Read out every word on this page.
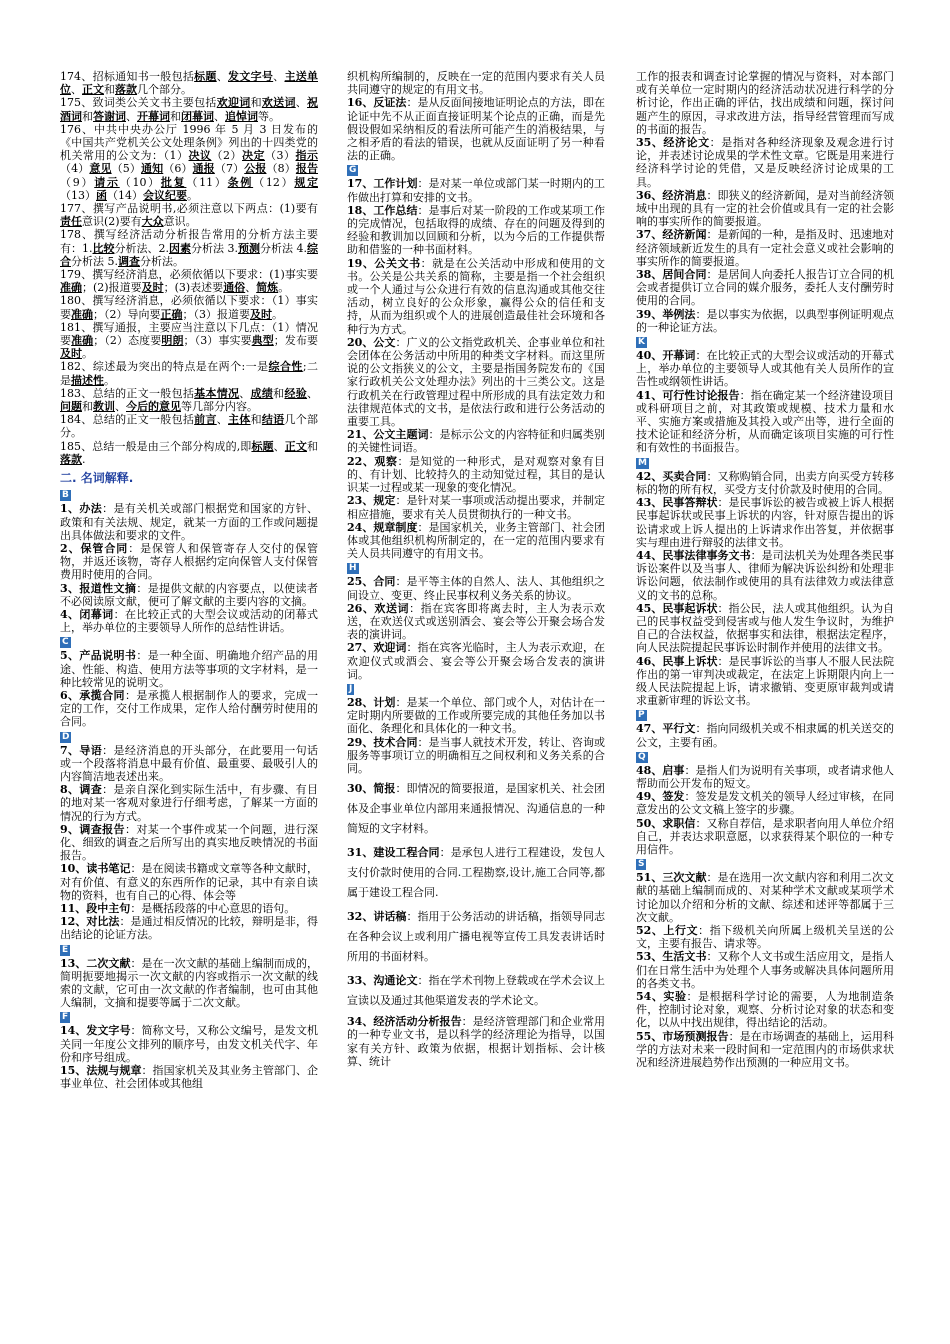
174、招标通知书一般包括标题、发文字号、主送单位、正文和落款几个部分。

175、致词类公关文书主要包括欢迎词和欢送词、祝酒词和答谢词、开幕词和闭幕词、追悼词等。

176、中共中央办公厅 1996 年 5 月 3 日发布的《中国共产党机关公文处理条例》列出的十四类党的机关常用的公文为：（1）决议（2）决定（3）指示（4）意见（5）通知（6）通报（7）公报（8）报告（9）请示（10）批复（11）条例（12）规定（13）函（14）会议纪要。

177、撰写产品说明书,必须注意以下两点：(1)要有责任意识(2)要有大众意识。

178、撰写经济活动分析报告常用的分析方法主要有：1.比较分析法、2.因素分析法 3.预测分析法 4.综合分析法 5.调查分析法。

179、撰写经济消息，必须依循以下要求：(1)事实要准确；(2)报道要及时；(3)表述要通俗、简炼。

180、撰写经济消息，必须依循以下要求：（1）事实要准确；（2）导向要正确；（3）报道要及时。

181、撰写通报，主要应当注意以下几点：（1）情况要准确；（2）态度要明朗；（3）事实要典型；发布要及时。

182、综述最为突出的特点是在两个:一是综合性;二是描述性。

183、总结的正文一般包括基本情况、成绩和经验、问题和教训、今后的意见等几部分内容。

184、总结的正文一般包括前言、主体和结语几个部分。

185、总结一般是由三个部分构成的,即标题、正文和落款.

二. 名词解释.
B

1、办法：是有关机关或部门根据党和国家的方针、政策和有关法规、规定，就某一方面的工作或问题提出具体做法和要求的文件。

2、保管合同：是保管人和保管寄存人交付的保管物，并返还该物，寄存人根据约定向保管人支付保管费用时使用的合同。

3、报道性文摘：是提供文献的内容要点，以使读者不必阅读原文献，便可了解文献的主要内容的文摘。

4、闭幕词：在比较正式的大型会议或活动的闭幕式上，举办单位的主要领导人所作的总结性讲话。

C

5、产品说明书：是一种全面、明确地介绍产品的用途、性能、构造、使用方法等事项的文字材料，是一种比较常见的说明文。

6、承揽合同：是承揽人根据制作人的要求，完成一定的工作，交付工作成果，定作人给付酬劳时使用的合同。

D

7、导语：是经济消息的开头部分，在此要用一句话或一个段落将消息中最有价值、最重要、最吸引人的内容简洁地表述出来。

8、调查：是亲自深化到实际生活中，有步骤、有目的地对某一客观对象进行仔细考虑，了解某一方面的情况的行为方式。

9、调查报告：对某一个事件或某一个问题，进行深化、细致的调查之后所写出的真实地反映情况的书面报告。

10、读书笔记：是在阅读书籍或文章等各种文献时，对有价值、有意义的东西所作的记录，其中有亲自读物的资料，也有自己的心得、体会等

11、段中主句：是概括段落的中心意思的语句。

12、对比法：是通过相反情况的比较，辩明是非，得出结论的论证方法。

E

13、二次文献：是在一次文献的基础上编制而成的，简明扼要地揭示一次文献的内容或指示一次文献的线索的文献，它可由一次文献的作者编制，也可由其他人编制，文摘和提要等属于二次文献。

F

14、发文字号：简称文号，又称公文编号，是发文机关同一年度公文排列的顺序号，由发文机关代字、年份和序号组成。

15、法规与规章：指国家机关及其业务主管部门、企事业单位、社会团体或其他组

织机构所编制的，反映在一定的范围内要求有关人员共同遵守的规定的有用文书。

16、反证法：是从反面间接地证明论点的方法，即在论证中先不从正面直接证明某个论点的正确，而是先假设假如采纳相反的看法所可能产生的消极结果，与之相矛盾的看法的错误，也就从反面证明了另一种看法的正确。

G

17、工作计划：是对某一单位或部门某一时期内的工作做出打算和安排的文书。

18、工作总结：是事后对某一阶段的工作或某项工作的完成情况，包括取得的成绩、存在的问题及得到的经验和教训加以回顾和分析，以为今后的工作提供帮助和借鉴的一种书面材料。

19、公关文书：就是在公关活动中形成和使用的文书。公关是公共关系的简称，主要是指一个社会组织或一个人通过与公众进行有效的信息沟通或其他交往活动，树立良好的公众形象，赢得公众的信任和支持，从而为组织或个人的进展创造最佳社会环境和各种行为方式。

20、公文：广义的公文指党政机关、企事业单位和社会团体在公务活动中所用的种类文字材料。而这里所说的公文指狭义的公文，主要是指国务院发布的《国家行政机关公文处理办法》列出的十三类公文。这是行政机关在行政管理过程中所形成的具有法定效力和法律规范体式的文书，是依法行政和进行公务活动的重要工具。

21、公文主题词：是标示公文的内容特征和归属类别的关键性词语。

22、观察：是知觉的一种形式，是对观察对象有目的、有计划、比较持久的主动知觉过程，其目的是认识某一过程或某一现象的变化情况。

23、规定：是针对某一事项或活动提出要求，并制定相应措施，要求有关人员贯彻执行的一种文书。

24、规章制度：是国家机关，业务主管部门、社会团体或其他组织机构所制定的，在一定的范围内要求有关人员共同遵守的有用文书。

H

25、合同：是平等主体的自然人、法人、其他组织之间设立、变更、终止民事权利义务关系的协议。

26、欢送词：指在宾客即将离去时，主人为表示欢送，在欢送仪式或送别酒会、宴会等公开聚会场合发表的演讲词。

27、欢迎词：指在宾客光临时，主人为表示欢迎，在欢迎仪式或酒会、宴会等公开聚会场合发表的演讲词。

J

28、计划：是某一个单位、部门或个人，对估计在一定时期内所要做的工作或所要完成的其他任务加以书面化、条理化和具体化的一种文书。

29、技术合同：是当事人就技术开发，转让、咨询或服务等事项订立的明确相互之间权利和义务关系的合同。

30、简报：即情况的简要报道，是国家机关、社会团体及企事业单位内部用来通报情况、沟通信息的一种简短的文字材料。

31、建设工程合同：是承包人进行工程建设，发包人支付价款时使用的合同.工程勘察,设计,施工合同等,都属于建设工程合同.

32、讲话稿：指用于公务活动的讲话稿，指领导同志在各种会议上或利用广播电视等宣传工具发表讲话时所用的书面材料。

33、沟通论文：指在学术刊物上登载或在学术会议上宣读以及通过其他渠道发表的学术论文。

34、经济活动分析报告：是经济管理部门和企业常用的一种专业文书，是以科学的经济理论为指导，以国家有关方针、政策为依据，根据计划指标、会计核算、统计

工作的报表和调查讨论掌握的情况与资料，对本部门或有关单位一定时期内的经济活动状况进行科学的分析讨论，作出正确的评估，找出成绩和问题，探讨问题产生的原因，寻求改进方法，指导经营管理而写成的书面的报告。

35、经济论文：是指对各种经济现象及观念进行讨论，并表述讨论成果的学术性文章。它既是用来进行经济科学讨论的凭借，又是反映经济讨论成果的工具。

36、经济消息：即狭义的经济新闻，是对当前经济领域中出现的具有一定的社会价值或具有一定的社会影响的事实所作的简要报道。

37、经济新闻：是新闻的一种，是指及时、迅速地对经济领域新近发生的具有一定社会意义或社会影响的事实所作的简要报道。

38、居间合同：是居间人向委托人报告订立合同的机会或者提供订立合同的媒介服务，委托人支付酬劳时使用的合同。

39、举例法：是以事实为依据，以典型事例证明观点的一种论证方法。

K

40、开幕词：在比较正式的大型会议或活动的开幕式上，举办单位的主要领导人或其他有关人员所作的宣告性或纲领性讲话。

41、可行性讨论报告：指在确定某一个经济建设项目或科研项目之前，对其政策或规模、技术力量和水平、实施方案或措施及其投入或产出等，进行全面的技术论证和经济分析，从而确定该项目实施的可行性和有效性的书面报告。

M

42、买卖合同：又称购销合同，出卖方向买受方转移标的物的所有权，买受方支付价款及时使用的合同。

43、民事答辩状：是民事诉讼的被告或被上诉人根据民事起诉状或民事上诉状的内容，针对原告提出的诉讼请求或上诉人提出的上诉请求作出答复，并依据事实与理由进行辩驳的法律文书。

44、民事法律事务文书：是司法机关为处理各类民事诉讼案件以及当事人、律师为解决诉讼纠纷和处理非诉讼问题，依法制作或使用的具有法律效力或法律意义的文书的总称。

45、民事起诉状：指公民，法人或其他组织。认为自己的民事权益受到侵害或与他人发生争议时，为维护自己的合法权益，依据事实和法律，根据法定程序，向人民法院提起民事诉讼时制作并使用的法律文书。

46、民事上诉状：是民事诉讼的当事人不服人民法院作出的第一审判决或裁定，在法定上诉期限内向上一级人民法院提起上诉，请求撤销、变更原审裁判或请求重新审理的诉讼文书。

P

47、平行文：指向同级机关或不相隶属的机关送交的公文，主要有函。

Q

48、启事：是指人们为说明有关事项，或者请求他人帮助而公开发布的短文。

49、签发：签发是发文机关的领导人经过审核，在同意发出的公文文稿上签字的步骤。

50、求职信：又称自荐信，是求职者向用人单位介绍自己，并表达求职意愿，以求获得某个职位的一种专用信件。

S

51、三次文献：是在选用一次文献内容和利用二次文献的基础上编制而成的、对某种学术文献或某项学术讨论加以介绍和分析的文献、综述和述评等都属于三次文献。

52、上行文：指下级机关向所属上级机关呈送的公文，主要有报告、请求等。

53、生活文书：又称个人文书或生活应用文，是指人们在日常生活中为处理个人事务或解决具体问题所用的各类文书。

54、实验：是根据科学讨论的需要，人为地制造条件，控制讨论对象，观察、分析讨论对象的状态和变化，以从中找出规律，得出结论的活动。

55、市场预测报告：是在市场调查的基础上，运用科学的方法对未来一段时间和一定范围内的市场供求状况和经济进展趋势作出预测的一种应用文书。
